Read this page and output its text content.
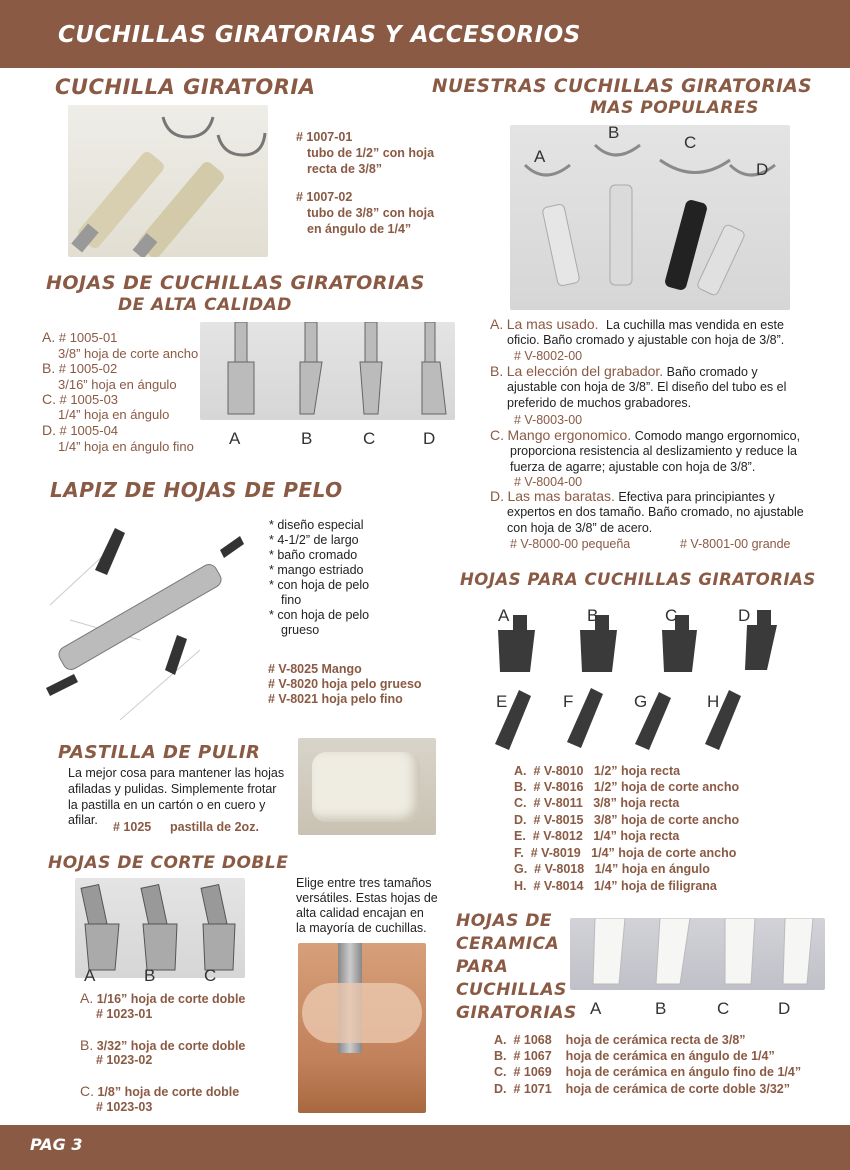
CUCHILLAS GIRATORIAS Y ACCESORIOS
PAG 3
CUCHILLA GIRATORIA
# 1007-01
tubo de 1/2” con hoja
recta de 3/8”
# 1007-02
tubo de 3/8” con hoja
en ángulo de 1/4”
NUESTRAS CUCHILLAS GIRATORIAS
MAS POPULARES
A
B
C
D
A. La mas usado. La cuchilla mas vendida en este
oficio. Baño cromado y ajustable con hoja de 3/8”.
# V-8002-00
B. La elección del grabador. Baño cromado y
ajustable con hoja de 3/8”. El diseño del tubo es el
preferido de muchos grabadores.
# V-8003-00
C. Mango ergonomico. Comodo mango ergornomico,
proporciona resistencia al deslizamiento y reduce la
fuerza de agarre; ajustable con hoja de 3/8”.
# V-8004-00
D. Las mas baratas. Efectiva para principiantes y
expertos en dos tamaño. Baño cromado, no ajustable
con hoja de 3/8” de acero.
# V-8000-00 pequeña	# V-8001-00 grande
HOJAS DE CUCHILLAS GIRATORIAS
DE ALTA CALIDAD
A. # 1005-01
3/8” hoja de corte ancho
B. # 1005-02
3/16” hoja en ángulo
C. # 1005-03
1/4” hoja en ángulo
D. # 1005-04
1/4” hoja en ángulo fino A	B	C	D
LAPIZ DE HOJAS DE PELO
* diseño especial
* 4-1/2” de largo
* baño cromado
* mango estriado
* con hoja de pelo
fino
* con hoja de pelo
grueso
# V-8025 Mango
# V-8020 hoja pelo grueso
# V-8021 hoja pelo fino
HOJAS PARA CUCHILLAS GIRATORIAS
A	B	C	D
E	F	G	H
A. # V-8010 1/2” hoja recta
B. # V-8016 1/2” hoja de corte ancho
C. # V-8011 3/8” hoja recta
D. # V-8015 3/8” hoja de corte ancho
E. # V-8012 1/4” hoja recta
F. # V-8019 1/4” hoja de corte ancho
G. # V-8018 1/4” hoja en ángulo
H. # V-8014 1/4” hoja de filigrana
PASTILLA DE PULIR
La mejor cosa para mantener las hojas
afiladas y pulidas. Simplemente frotar
la pastilla en un cartón o en cuero y
afilar. # 1025 pastilla de 2oz.
HOJAS DE CORTE DOBLE
Elige entre tres tamaños
versátiles. Estas hojas de
alta calidad encajan en
la mayoría de cuchillas.
A	B	C
A. 1/16” hoja de corte doble
# 1023-01
B. 3/32” hoja de corte doble
# 1023-02
C. 1/8” hoja de corte doble
# 1023-03
HOJAS DE
CERAMICA
PARA
CUCHILLAS
GIRATORIAS A	B	C	D
A. # 1068 hoja de cerámica recta de 3/8”
B. # 1067 hoja de cerámica en ángulo de 1/4”
C. # 1069 hoja de cerámica en ángulo fino de 1/4”
D. # 1071 hoja de cerámica de corte doble 3/32”
